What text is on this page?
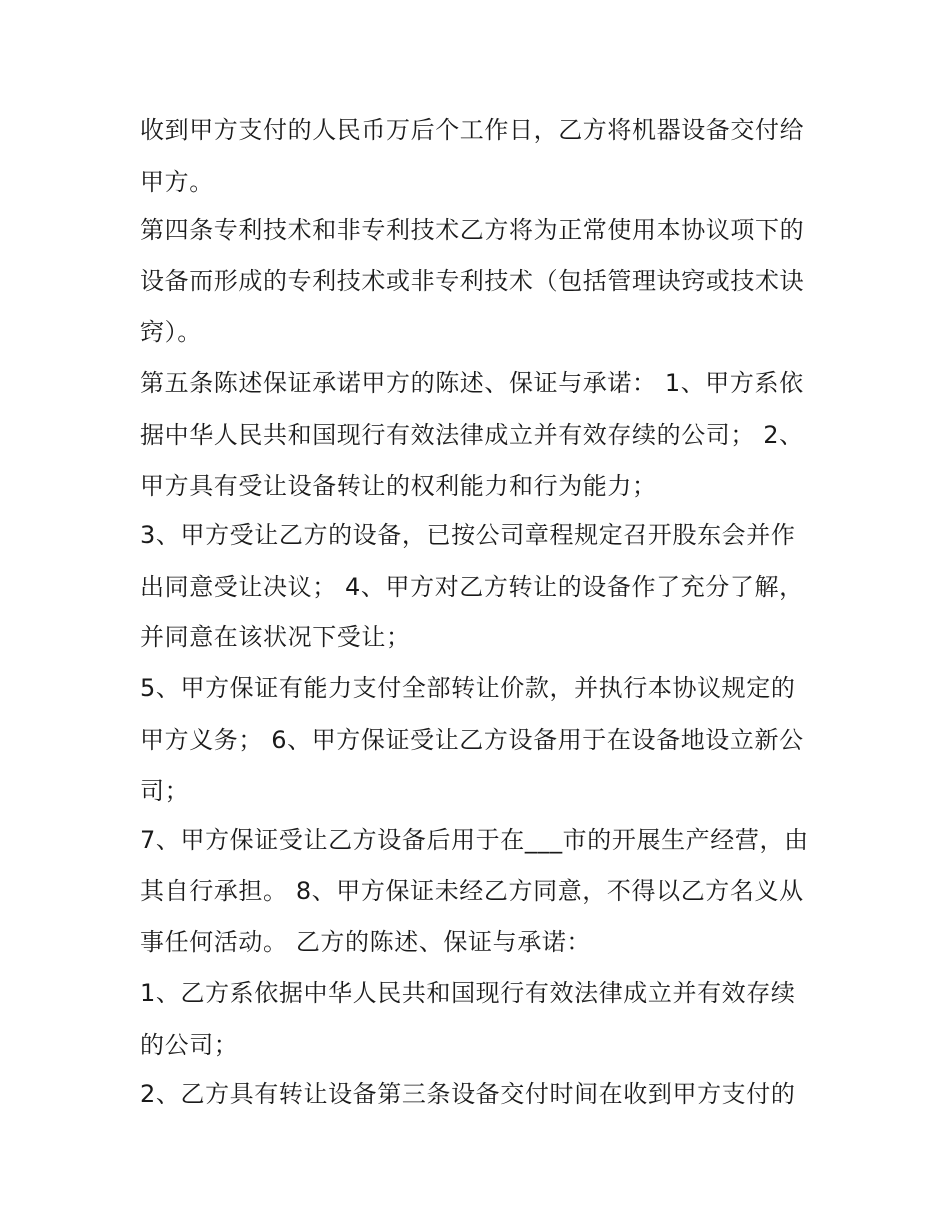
收到甲方支付的人民币万后个工作日，乙方将机器设备交付给
甲方。
第四条专利技术和非专利技术乙方将为正常使用本协议项下的
设备而形成的专利技术或非专利技术（包括管理诀窍或技术诀
窍）。
第五条陈述保证承诺甲方的陈述、保证与承诺： 1、甲方系依
据中华人民共和国现行有效法律成立并有效存续的公司； 2、
甲方具有受让设备转让的权利能力和行为能力；
3、甲方受让乙方的设备，已按公司章程规定召开股东会并作
出同意受让决议； 4、甲方对乙方转让的设备作了充分了解，
并同意在该状况下受让；
5、甲方保证有能力支付全部转让价款，并执行本协议规定的
甲方义务； 6、甲方保证受让乙方设备用于在设备地设立新公
司；
7、甲方保证受让乙方设备后用于在___市的开展生产经营，由
其自行承担。 8、甲方保证未经乙方同意，不得以乙方名义从
事任何活动。 乙方的陈述、保证与承诺：
1、乙方系依据中华人民共和国现行有效法律成立并有效存续
的公司；
2、乙方具有转让设备第三条设备交付时间在收到甲方支付的
